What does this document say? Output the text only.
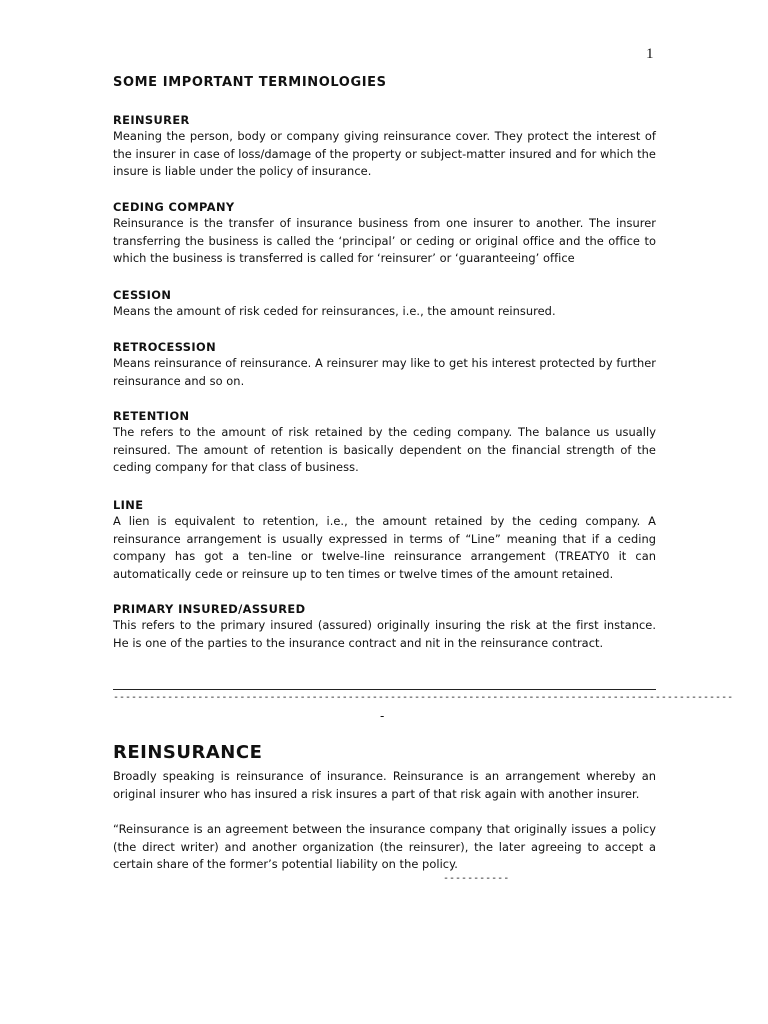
1
SOME IMPORTANT TERMINOLOGIES

REINSURER

Meaning the person, body or company giving reinsurance cover. They protect the interest of the insurer in case of loss/damage of the property or subject-matter insured and for which the insure is liable under the policy of insurance.

CEDING COMPANY

Reinsurance is the transfer of insurance business from one insurer to another. The insurer transferring the business is called the ‘principal’ or ceding or original office and the office to which the business is transferred is called for ‘reinsurer’ or ‘guaranteeing’ office

CESSION

Means the amount of risk ceded for reinsurances, i.e., the amount reinsured.

RETROCESSION

Means reinsurance of reinsurance. A reinsurer may like to get his interest protected by further reinsurance and so on.

RETENTION

The refers to the amount of risk retained by the ceding company. The balance us usually reinsured. The amount of retention is basically dependent on the financial strength of the ceding company for that class of business.

LINE

A lien is equivalent to retention, i.e., the amount retained by the ceding company. A reinsurance arrangement is usually expressed in terms of “Line” meaning that if a ceding company has got a ten-line or twelve-line reinsurance arrangement (TREATY0 it can automatically cede or reinsure up to ten times or twelve times of the amount retained.

PRIMARY INSURED/ASSURED

This refers to the primary insured (assured) originally insuring the risk at the first instance. He is one of the parties to the insurance contract and nit in the reinsurance contract.

-------------------------------------------------------------------------------------------------------
-
REINSURANCE

Broadly speaking is reinsurance of insurance. Reinsurance is an arrangement whereby an original insurer who has insured a risk insures a part of that risk again with another insurer.

“Reinsurance is an agreement between the insurance company that originally issues a policy (the direct writer) and another organization (the reinsurer), the later agreeing to accept a certain share of the former’s potential liability on the policy.

-----------
